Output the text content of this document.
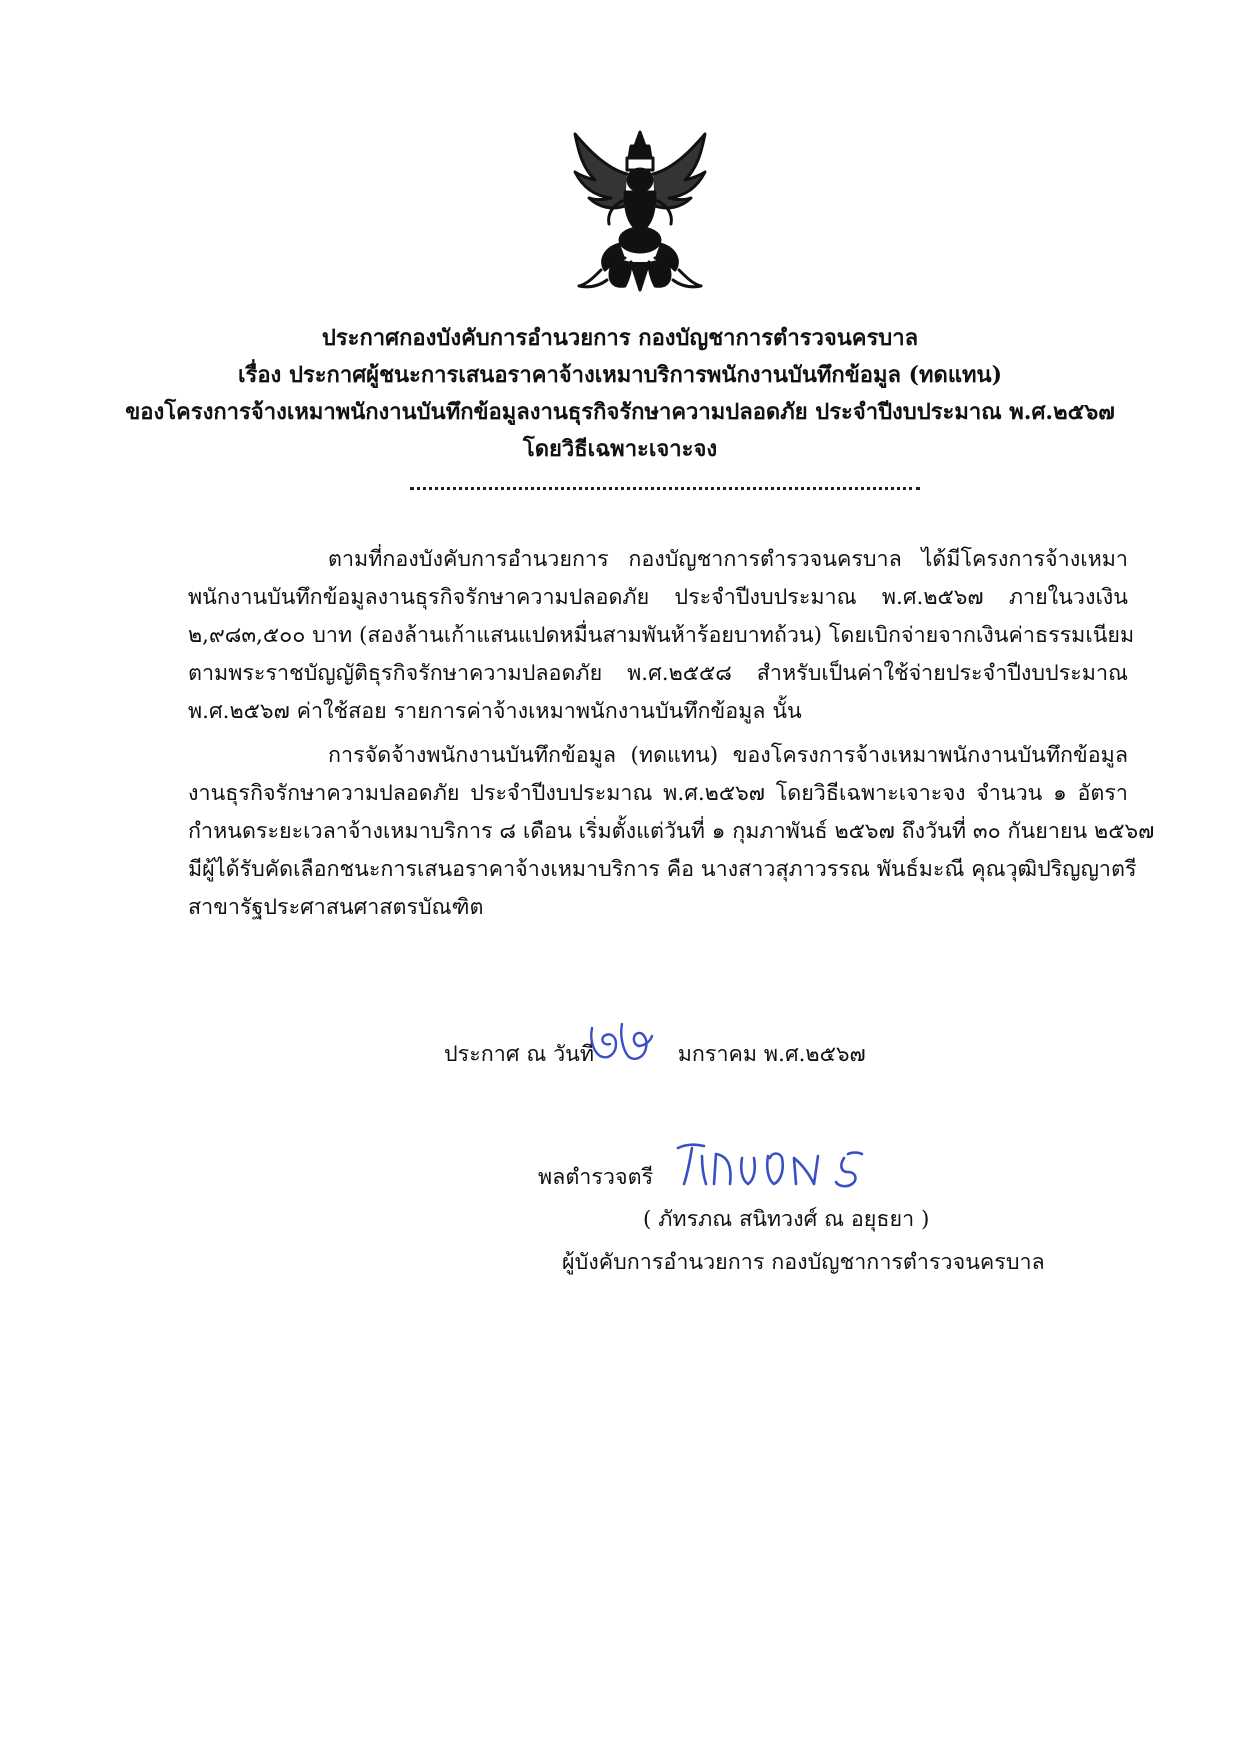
ประกาศกองบังคับการอำนวยการ กองบัญชาการตำรวจนครบาล
เรื่อง ประกาศผู้ชนะการเสนอราคาจ้างเหมาบริการพนักงานบันทึกข้อมูล (ทดแทน)
ของโครงการจ้างเหมาพนักงานบันทึกข้อมูลงานธุรกิจรักษาความปลอดภัย ประจำปีงบประมาณ พ.ศ.๒๕๖๗
โดยวิธีเฉพาะเจาะจง
ตามที่กองบังคับการอำนวยการ กองบัญชาการตำรวจนครบาล ได้มีโครงการจ้างเหมา
พนักงานบันทึกข้อมูลงานธุรกิจรักษาความปลอดภัย ประจำปีงบประมาณ พ.ศ.๒๕๖๗ ภายในวงเงิน
๒,๙๘๓,๕๐๐ บาท (สองล้านเก้าแสนแปดหมื่นสามพันห้าร้อยบาทถ้วน) โดยเบิกจ่ายจากเงินค่าธรรมเนียม
ตามพระราชบัญญัติธุรกิจรักษาความปลอดภัย พ.ศ.๒๕๕๘ สำหรับเป็นค่าใช้จ่ายประจำปีงบประมาณ
พ.ศ.๒๕๖๗ ค่าใช้สอย รายการค่าจ้างเหมาพนักงานบันทึกข้อมูล นั้น
การจัดจ้างพนักงานบันทึกข้อมูล (ทดแทน) ของโครงการจ้างเหมาพนักงานบันทึกข้อมูล
งานธุรกิจรักษาความปลอดภัย ประจำปีงบประมาณ พ.ศ.๒๕๖๗ โดยวิธีเฉพาะเจาะจง จำนวน ๑ อัตรา
กำหนดระยะเวลาจ้างเหมาบริการ ๘ เดือน เริ่มตั้งแต่วันที่ ๑ กุมภาพันธ์ ๒๕๖๗ ถึงวันที่ ๓๐ กันยายน ๒๕๖๗
มีผู้ได้รับคัดเลือกชนะการเสนอราคาจ้างเหมาบริการ คือ นางสาวสุภาวรรณ พันธ์มะณี คุณวุฒิปริญญาตรี
สาขารัฐประศาสนศาสตรบัณฑิต
ประกาศ ณ วันที่	มกราคม พ.ศ.๒๕๖๗
พลตำรวจตรี
( ภัทรภณ สนิทวงศ์ ณ อยุธยา )
ผู้บังคับการอำนวยการ กองบัญชาการตำรวจนครบาล
